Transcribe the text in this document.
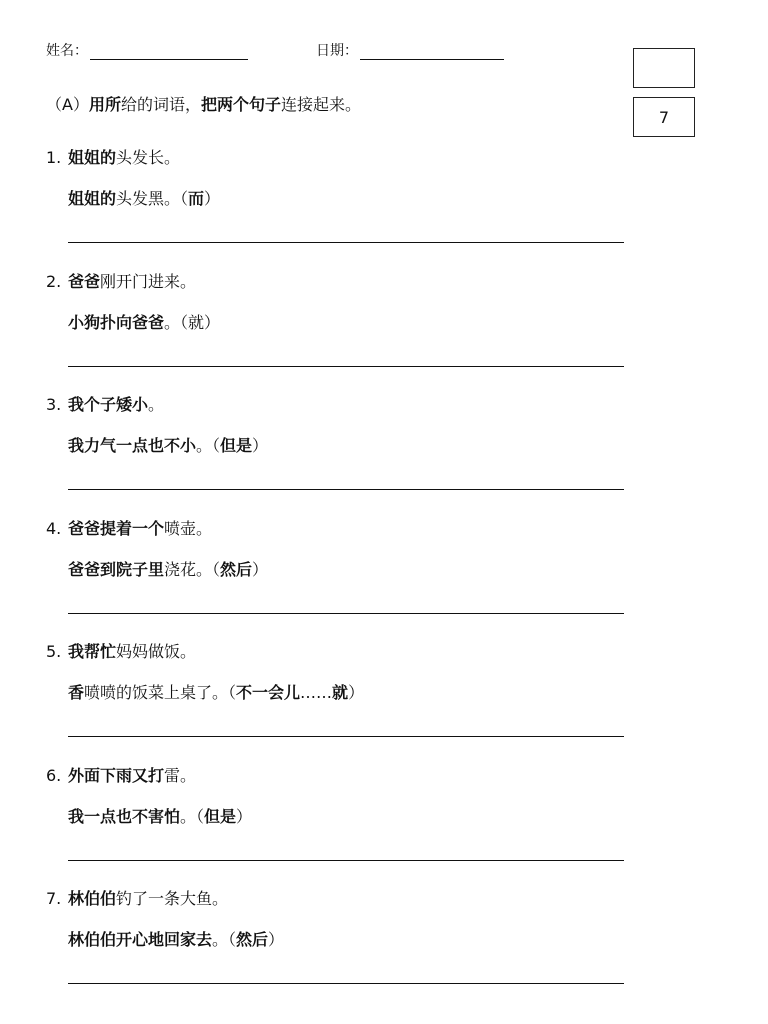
姓名：	日期：
7
（A）用所给的词语，把两个句子连接起来。
1. 姐姐的头发长。
姐姐的头发黑。（而）
2. 爸爸刚开门进来。
小狗扑向爸爸。（就）
3. 我个子矮小。
我力气一点也不小。（但是）
4. 爸爸提着一个喷壶。
爸爸到院子里浇花。（然后）
5. 我帮忙妈妈做饭。
香喷喷的饭菜上桌了。（不一会儿……就）
6. 外面下雨又打雷。
我一点也不害怕。（但是）
7. 林伯伯钓了一条大鱼。
林伯伯开心地回家去。（然后）
